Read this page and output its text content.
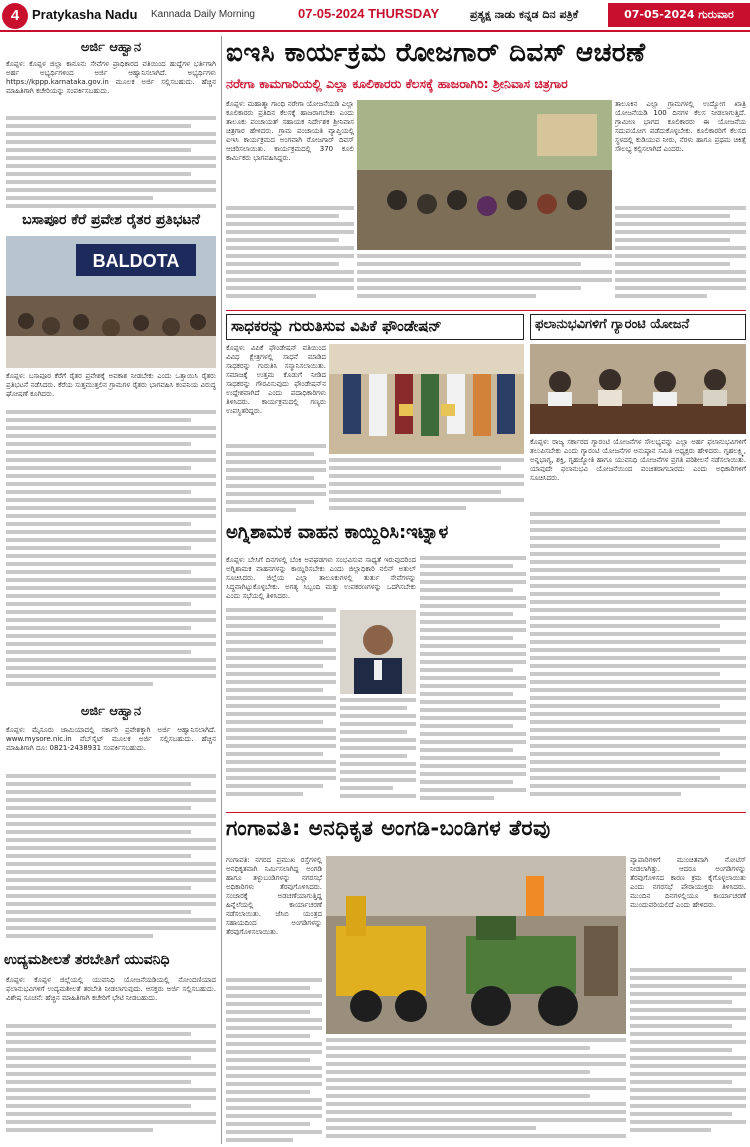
4 Pratykasha Nadu Kannada Daily Morning	07-05-2024 THURSDAY	ಪ್ರತ್ಯಕ್ಷ ನಾಡು ಕನ್ನಡ ದಿನ ಪತ್ರಿಕೆ	07-05-2024 ಗುರುವಾರ
ಅರ್ಜಿ ಆಹ್ವಾನ
ಕೊಪ್ಪಳ: ಕೊಪ್ಪಳ ಜಿಲ್ಲಾ ಕಾನೂನು ಸೇವೆಗಳ ಪ್ರಾಧಿಕಾರದ ವತಿಯಿಂದ ಹುದ್ದೆಗಳ ಭರ್ತಿಗಾಗಿ ಅರ್ಹ ಅಭ್ಯರ್ಥಿಗಳಿಂದ ಅರ್ಜಿ ಆಹ್ವಾನಿಸಲಾಗಿದೆ. ಅಭ್ಯರ್ಥಿಗಳು https://kppp.karnataka.gov.in ಮೂಲಕ ಅರ್ಜಿ ಸಲ್ಲಿಸಬಹುದು. ಹೆಚ್ಚಿನ ಮಾಹಿತಿಗಾಗಿ ಕಚೇರಿಯನ್ನು ಸಂಪರ್ಕಿಸಬಹುದು.
ಬಸಾಪೂರ ಕೆರೆ ಪ್ರವೇಶ ರೈತರ ಪ್ರತಿಭಟನೆ
BALDOTA
ಕೊಪ್ಪಳ: ಬಸಾಪೂರ ಕೆರೆಗೆ ರೈತರ ಪ್ರವೇಶಕ್ಕೆ ಅವಕಾಶ ನೀಡಬೇಕು ಎಂದು ಒತ್ತಾಯಿಸಿ ರೈತರು ಪ್ರತಿಭಟನೆ ನಡೆಸಿದರು. ಕೆರೆಯ ಸುತ್ತಮುತ್ತಲಿನ ಗ್ರಾಮಗಳ ರೈತರು ಭಾಗವಹಿಸಿ ಕಂಪನಿಯ ವಿರುದ್ಧ ಘೋಷಣೆ ಕೂಗಿದರು.
ಅರ್ಜಿ ಆಹ್ವಾನ
ಕೊಪ್ಪಳ: ಮೈಸೂರು ಜಾಮಿಯಾದಲ್ಲಿ ಸರ್ಕಾರಿ ಪ್ರವೇಶಕ್ಕಾಗಿ ಅರ್ಜಿ ಆಹ್ವಾನಿಸಲಾಗಿದೆ. www.mysore.nic.in ವೆಬ್‌ಸೈಟ್ ಮೂಲಕ ಅರ್ಜಿ ಸಲ್ಲಿಸಬಹುದು. ಹೆಚ್ಚಿನ ಮಾಹಿತಿಗಾಗಿ ದೂ: 0821-2438931 ಸಂಪರ್ಕಿಸಬಹುದು.
ಉದ್ಯಮಶೀಲತೆ ತರಬೇತಿಗೆ ಯುವನಿಧಿ
ಕೊಪ್ಪಳ: ಕೊಪ್ಪಳ ಜಿಲ್ಲೆಯಲ್ಲಿ ಯುವನಿಧಿ ಯೋಜನೆಯಡಿಯಲ್ಲಿ ನೋಂದಣಿಯಾದ ಫಲಾನುಭವಿಗಳಿಗೆ ಉದ್ಯಮಶೀಲತೆ ತರಬೇತಿ ನೀಡಲಾಗುವುದು. ಆಸಕ್ತರು ಅರ್ಜಿ ಸಲ್ಲಿಸಬಹುದು. ವಿಶೇಷ ಸೂಚನೆ: ಹೆಚ್ಚಿನ ಮಾಹಿತಿಗಾಗಿ ಕಚೇರಿಗೆ ಭೇಟಿ ನೀಡಬಹುದು.
ಐಇಸಿ ಕಾರ್ಯಕ್ರಮ ರೋಜಗಾರ್ ದಿವಸ್ ಆಚರಣೆ
ನರೇಗಾ ಕಾಮಗಾರಿಯಲ್ಲಿ ಎಲ್ಲಾ ಕೂಲಿಕಾರರು ಕೆಲಸಕ್ಕೆ ಹಾಜರಾಗಿರಿ: ಶ್ರೀನಿವಾಸ ಚಿತ್ರಗಾರ
ಕೊಪ್ಪಳ: ಮಹಾತ್ಮಾ ಗಾಂಧಿ ನರೇಗಾ ಯೋಜನೆಯಡಿ ಎಲ್ಲಾ ಕೂಲಿಕಾರರು ಪ್ರತಿದಿನ ಕೆಲಸಕ್ಕೆ ಹಾಜರಾಗಬೇಕು ಎಂದು ತಾಲೂಕು ಪಂಚಾಯತ್ ಸಹಾಯಕ ನಿರ್ದೇಶಕ ಶ್ರೀನಿವಾಸ ಚಿತ್ರಗಾರ ಹೇಳಿದರು. ಗ್ರಾಮ ಪಂಚಾಯತಿ ವ್ಯಾಪ್ತಿಯಲ್ಲಿ ಐಇಸಿ ಕಾರ್ಯಕ್ರಮದ ಅಂಗವಾಗಿ ರೋಜಗಾರ್ ದಿವಸ್ ಆಚರಿಸಲಾಯಿತು. ಕಾರ್ಯಕ್ರಮದಲ್ಲಿ 370 ಕೂಲಿ ಕಾರ್ಮಿಕರು ಭಾಗವಹಿಸಿದ್ದರು.
ತಾಲೂಕಿನ ಎಲ್ಲಾ ಗ್ರಾಮಗಳಲ್ಲಿ ಉದ್ಯೋಗ ಖಾತ್ರಿ ಯೋಜನೆಯಡಿ 100 ದಿನಗಳ ಕೆಲಸ ನೀಡಲಾಗುತ್ತಿದೆ. ಗ್ರಾಮೀಣ ಭಾಗದ ಕೂಲಿಕಾರರು ಈ ಯೋಜನೆಯ ಸದುಪಯೋಗ ಪಡೆದುಕೊಳ್ಳಬೇಕು. ಕೂಲಿಕಾರರಿಗೆ ಕೆಲಸದ ಸ್ಥಳದಲ್ಲಿ ಕುಡಿಯುವ ನೀರು, ನೆರಳು ಹಾಗೂ ಪ್ರಥಮ ಚಿಕಿತ್ಸೆ ಸೌಲಭ್ಯ ಕಲ್ಪಿಸಲಾಗಿದೆ ಎಂದರು.
ಸಾಧಕರನ್ನು ಗುರುತಿಸುವ ವಿಪಿಕೆ ಫೌಂಡೇಷನ್
ಕೊಪ್ಪಳ: ವಿಪಿಕೆ ಫೌಂಡೇಷನ್ ವತಿಯಿಂದ ವಿವಿಧ ಕ್ಷೇತ್ರಗಳಲ್ಲಿ ಸಾಧನೆ ಮಾಡಿದ ಸಾಧಕರನ್ನು ಗುರುತಿಸಿ ಸನ್ಮಾನಿಸಲಾಯಿತು. ಸಮಾಜಕ್ಕೆ ಉತ್ತಮ ಕೊಡುಗೆ ನೀಡಿದ ಸಾಧಕರನ್ನು ಗೌರವಿಸುವುದು ಫೌಂಡೇಷನ್‌ನ ಉದ್ದೇಶವಾಗಿದೆ ಎಂದು ಪದಾಧಿಕಾರಿಗಳು ತಿಳಿಸಿದರು. ಕಾರ್ಯಕ್ರಮದಲ್ಲಿ ಗಣ್ಯರು ಉಪಸ್ಥಿತರಿದ್ದರು.
ಫಲಾನುಭವಿಗಳಿಗೆ ಗ್ಯಾರಂಟಿ ಯೋಜನೆ
ಕೊಪ್ಪಳ: ರಾಜ್ಯ ಸರ್ಕಾರದ ಗ್ಯಾರಂಟಿ ಯೋಜನೆಗಳ ಸೌಲಭ್ಯವನ್ನು ಎಲ್ಲಾ ಅರ್ಹ ಫಲಾನುಭವಿಗಳಿಗೆ ತಲುಪಿಸಬೇಕು ಎಂದು ಗ್ಯಾರಂಟಿ ಯೋಜನೆಗಳ ಅನುಷ್ಠಾನ ಸಮಿತಿ ಅಧ್ಯಕ್ಷರು ಹೇಳಿದರು. ಗೃಹಲಕ್ಷ್ಮಿ, ಅನ್ನಭಾಗ್ಯ, ಶಕ್ತಿ, ಗೃಹಜ್ಯೋತಿ ಹಾಗೂ ಯುವನಿಧಿ ಯೋಜನೆಗಳ ಪ್ರಗತಿ ಪರಿಶೀಲನೆ ನಡೆಸಲಾಯಿತು. ಯಾವುದೇ ಫಲಾನುಭವಿ ಯೋಜನೆಯಿಂದ ವಂಚಿತರಾಗಬಾರದು ಎಂದು ಅಧಿಕಾರಿಗಳಿಗೆ ಸೂಚಿಸಿದರು.
ಅಗ್ನಿಶಾಮಕ ವಾಹನ ಕಾಯ್ದಿರಿಸಿ:ಇಟ್ನಾಳ
ಕೊಪ್ಪಳ: ಬೇಸಿಗೆ ದಿನಗಳಲ್ಲಿ ಬೆಂಕಿ ಅವಘಡಗಳು ಸಂಭವಿಸುವ ಸಾಧ್ಯತೆ ಇರುವುದರಿಂದ ಅಗ್ನಿಶಾಮಕ ವಾಹನಗಳನ್ನು ಕಾಯ್ದಿರಿಸಬೇಕು ಎಂದು ಜಿಲ್ಲಾಧಿಕಾರಿ ನಲಿನ್ ಅತುಲ್ ಸೂಚಿಸಿದರು. ಜಿಲ್ಲೆಯ ಎಲ್ಲಾ ತಾಲೂಕುಗಳಲ್ಲಿ ತುರ್ತು ಸೇವೆಗಳನ್ನು ಸಿದ್ಧವಾಗಿಟ್ಟುಕೊಳ್ಳಬೇಕು. ಅಗತ್ಯ ಸಿಬ್ಬಂದಿ ಮತ್ತು ಉಪಕರಣಗಳನ್ನು ಒದಗಿಸಬೇಕು ಎಂದು ಸಭೆಯಲ್ಲಿ ತಿಳಿಸಿದರು.
ಗಂಗಾವತಿ: ಅನಧಿಕೃತ ಅಂಗಡಿ-ಬಂಡಿಗಳ ತೆರವು
ಗಂಗಾವತಿ: ನಗರದ ಪ್ರಮುಖ ರಸ್ತೆಗಳಲ್ಲಿ ಅನಧಿಕೃತವಾಗಿ ನಿರ್ಮಿಸಲಾಗಿದ್ದ ಅಂಗಡಿ ಹಾಗೂ ತಳ್ಳುಬಂಡಿಗಳನ್ನು ನಗರಸಭೆ ಅಧಿಕಾರಿಗಳು ತೆರವುಗೊಳಿಸಿದರು. ಸಂಚಾರಕ್ಕೆ ಅಡಚಣೆಯಾಗುತ್ತಿದ್ದ ಹಿನ್ನೆಲೆಯಲ್ಲಿ ಕಾರ್ಯಾಚರಣೆ ನಡೆಸಲಾಯಿತು. ಜೆಸಿಬಿ ಯಂತ್ರದ ಸಹಾಯದಿಂದ ಅಂಗಡಿಗಳನ್ನು ತೆರವುಗೊಳಿಸಲಾಯಿತು.
ವ್ಯಾಪಾರಿಗಳಿಗೆ ಮುಂಚಿತವಾಗಿ ನೋಟಿಸ್ ನೀಡಲಾಗಿತ್ತು. ಆದರೂ ಅಂಗಡಿಗಳನ್ನು ತೆರವುಗೊಳಿಸದ ಕಾರಣ ಕ್ರಮ ಕೈಗೊಳ್ಳಲಾಯಿತು ಎಂದು ನಗರಸಭೆ ಪೌರಾಯುಕ್ತರು ತಿಳಿಸಿದರು. ಮುಂದಿನ ದಿನಗಳಲ್ಲಿಯೂ ಕಾರ್ಯಾಚರಣೆ ಮುಂದುವರಿಯಲಿದೆ ಎಂದು ಹೇಳಿದರು.
